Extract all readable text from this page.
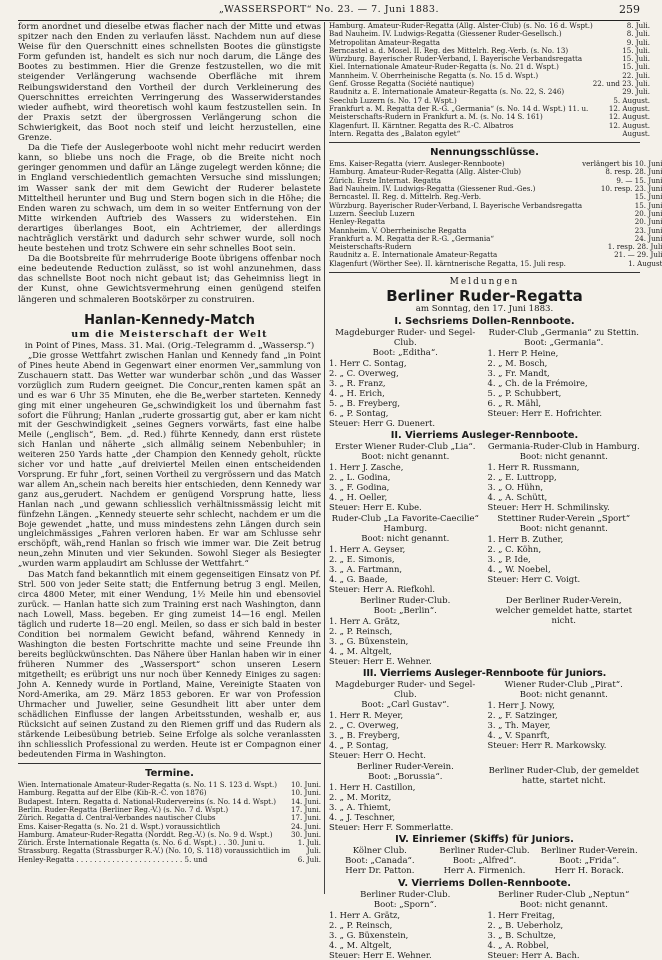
„WASSERSPORT“ No. 23. — 7. Juni 1883.	259

form anordnet und dieselbe etwas flacher nach der Mitte und etwas spitzer nach den Enden zu verlaufen lässt. Nachdem nun auf diese Weise für den Querschnitt eines schnellsten Bootes die günstigste Form gefunden ist, handelt es sich nur noch darum, die Länge des Bootes zu bestimmen. Hier die Grenze festzustellen, wo die mit steigender Verlängerung wachsende Oberfläche mit ihrem Reibungswiderstand den Vortheil der durch Verkleinerung des Querschnittes erreichten Verringerung des Wasserwiderstandes wieder aufhebt, wird theoretisch wohl kaum festzustellen sein. In der Praxis setzt der übergrossen Verlängerung schon die Schwierigkeit, das Boot noch steif und leicht herzustellen, eine Grenze.

Da die Tiefe der Auslegerboote wohl nicht mehr reducirt werden kann, so bliebe uns noch die Frage, ob die Breite nicht noch geringer genommen und dafür an Länge zugelegt werden könne; die in England verschiedentlich gemachten Versuche sind misslungen; im Wasser sank der mit dem Gewicht der Ruderer belastete Mitteltheil herunter und Bug und Stern bogen sich in die Höhe; die Enden waren zu schwach, um dem in so weiter Entfernung von der Mitte wirkenden Auftrieb des Wassers zu widerstehen. Ein derartiges überlanges Boot, ein Achtriemer, der allerdings nachträglich verstärkt und dadurch sehr schwer wurde, soll noch heute bestehen und trotz Schwere ein sehr schnelles Boot sein.

Da die Bootsbreite für mehrruderige Boote übrigens offenbar noch eine bedeutende Reduction zulässt, so ist wohl anzunehmen, dass das schnellste Boot noch nicht gebaut ist; das Geheimniss liegt in der Kunst, ohne Gewichtsvermehrung einen genügend steifen längeren und schmaleren Bootskörper zu construiren.

Hanlan-Kennedy-Match
um die Meisterschaft der Welt
in Point of Pines, Mass. 31. Mai. (Orig.-Telegramm d. „Wassersp.“)

„Die grosse Wettfahrt zwischen Hanlan und Kennedy fand „in Point of Pines heute Abend in Gegenwart einer enormen Ver„sammlung von Zuschauern statt. Das Wetter war wunderbar schön „und das Wasser vorzüglich zum Rudern geeignet. Die Concur„renten kamen spät an und es war 6 Uhr 35 Minuten, ehe die Be„werber starteten. Kennedy ging mit einer ungeheuren Ge„schwindigkeit los und übernahm fast sofort die Führung; Hanlan „ruderte grossartig gut, aber er kam nicht mit der Geschwindigkeit „seines Gegners vorwärts, fast eine halbe Meile („englisch“, Bem. „d. Red.) führte Kennedy, dann erst rüstete sich Hanlan und näherte „sich allmälig seinem Nebenbuhler; in weiteren 250 Yards hatte „der Champion den Kennedy geholt, rückte sicher vor und hatte „auf dreiviertel Meilen einen entscheidenden Vorsprung. Er fuhr „fort, seinen Vortheil zu vergrössern und das Match war allem An„schein nach bereits hier entschieden, denn Kennedy war ganz aus„gerudert. Nachdem er genügend Vorsprung hatte, liess Hanlan nach „und gewann schliesslich verhältnissmässig leicht mit fünfzehn Längen. „Kennedy steuerte sehr schlecht, nachdem er um die Boje gewendet „hatte, und muss mindestens zehn Längen durch sein ungleichmässiges „Fahren verloren haben. Er war am Schlusse sehr erschöpft, wäh„rend Hanlan so frisch wie immer war. Die Zeit betrug neun„zehn Minuten und vier Sekunden. Sowohl Sieger als Besiegter „wurden warm applaudirt am Schlusse der Wettfahrt.“

Das Match fand bekanntlich mit einem gegenseitigen Einsatz von Pf. Strl. 500 von jeder Seite statt; die Entfernung betrug 3 engl. Meilen, circa 4800 Meter, mit einer Wendung, 1½ Meile hin und ebensoviel zurück. — Hanlan hatte sich zum Training erst nach Washington, dann nach Lowell, Mass. begeben. Er ging zumeist 14—16 engl. Meilen täglich und ruderte 18—20 engl. Meilen, so dass er sich bald in bester Condition bei normalem Gewicht befand, während Kennedy in Washington die besten Fortschritte machte und seine Freunde ihn bereits beglückwünschten. Das Nähere über Hanlan haben wir in einer früheren Nummer des „Wassersport“ schon unseren Lesern mitgetheilt; es erübrigt uns nur noch über Kennedy Einiges zu sagen: John A. Kennedy wurde in Portland, Maine, Vereinigte Staaten von Nord-Amerika, am 29. März 1853 geboren. Er war von Profession Uhrmacher und Juwelier, seine Gesundheit litt aber unter dem schädlichen Einflusse der langen Arbeitsstunden, weshalb er, aus Rücksicht auf seinen Zustand zu den Riemen griff und das Rudern als stärkende Leibesübung betrieb. Seine Erfolge als solche veranlassten ihn schliesslich Professional zu werden. Heute ist er Compagnon einer bedeutenden Firma in Washington.

Termine.
Wien. Internationale Amateur-Ruder-Regatta (s. No. 11 S. 123 d. Wspt.)	10. Juni.
Hamburg. Regatta auf der Elbe (Kib-R.-C. von 1876)	10. Juni.
Budapest. Intern. Regatta d. National-Rudervereins (s. No. 14 d. Wspt.)	14. Juni.
Berlin. Ruder-Regatta (Berliner Reg.-V.) (s. No. 7 d. Wspt.)	17. Juni.
Zürich. Regatta d. Central-Verbandes nautischer Clubs	17. Juni.
Ems. Kaiser-Regatta (s. No. 21 d. Wspt.) voraussichtlich	24. Juni.
Hamburg. Amateur-Ruder-Regatta (Norddt. Reg.-V.) (s. No. 9 d. Wspt.)	30. Juni.
Zürich. Erste Internationale Regatta (s. No. 6 d. Wspt.) . . 30. Juni u.	1. Juli.
Strassburg. Regatta (Strassburger R.-V.) (No. 10, S. 118) voraussichtlich im	Juli.
Henley-Regatta . . . . . . . . . . . . . . . . . . . . . . . . 5. und	6. Juli.
Hamburg. Amateur-Ruder-Regatta (Allg. Alster-Club) (s. No. 16 d. Wspt.)	8. Juli.
Bad Nauheim. IV. Ludwigs-Regatta (Giessener Ruder-Gesellsch.)	8. Juli.
Metropolitan Amateur-Regatta	9. Juli.
Berncastel a. d. Mosel. II. Reg. des Mittelrh. Reg.-Verb. (s. No. 13)	15. Juli.
Würzburg. Bayerischer Ruder-Verband, I. Bayerische Verbandsregatta	15. Juli.
Kiel. Internationale Amateur-Ruder-Regatta (s. No. 21 d. Wspt.)	15. Juli.
Mannheim. V. Oberrheinische Regatta (s. No. 15 d. Wspt.)	22. Juli.
Genf. Grosse Regatta (Société nautique)	22. und 23. Juli.
Raudnitz a. E. Internationale Amateur-Regatta (s. No. 22, S. 246)	29. Juli.
Seeclub Luzern (s. No. 17 d. Wspt.)	5. August.
Frankfurt a. M. Regatta der R.-G. „Germania“ (s. No. 14 d. Wspt.) 11. u.	12. August.
Meisterschafts-Rudern in Frankfurt a. M. (s. No. 14 S. 161)	12. August.
Klagenfurt. II. Kärntner. Regatta des R.-C. Albatros	12. August.
Intern. Regatta des „Balaton egylet“	August.
Nennungsschlüsse.
Ems. Kaiser-Regatta (vierr. Ausleger-Rennboote)	verlängert bis 10. Juni
Hamburg. Amateur-Ruder-Regatta (Allg. Alster-Club)	8. resp. 28. Juni
Zürich. Erste Internat. Regatta	9. — 15. Juni
Bad Nauheim. IV. Ludwigs-Regatta (Giessener Rud.-Ges.)	10. resp. 23. Juni
Berncastel. II. Reg. d. Mittelrh. Reg.-Verb.	15. Juni
Würzburg. Bayerischer Ruder-Verband, I. Bayerische Verbandsregatta	15. Juni
Luzern. Seeclub Luzern	20. Juni
Henley-Regatta	20. Juni
Mannheim. V. Oberrheinische Regatta	23. Juni
Frankfurt a. M. Regatta der R.-G. „Germania“	24. Juni
Meisterschafts-Rudern	1. resp. 28. Juli
Raudnitz a. E. Internationale Amateur-Regatta	21. — 29. Juli
Klagenfurt (Wörther See). II. kärntnerische Regatta, 15. Juli resp.	1. August
Meldungen
Berliner Ruder-Regatta
am Sonntag, den 17. Juni 1883.
I. Sechsriems Dollen-Rennboote.
Magdeburger Ruder- und Segel-Club.
Boot: „Editha“.
1. Herr C. Sontag,
2. „ C. Overweg,
3. „ R. Franz,
4. „ H. Erich,
5. „ B. Freyberg,
6. „ P. Sontag,
Steuer: Herr G. Duenert.
Ruder-Club „Germania“ zu Stettin.
Boot: „Germania“.
1. Herr P. Heine,
2. „ M. Bosch,
3. „ Fr. Mandt,
4. „ Ch. de la Frémoire,
5. „ P. Schubbert,
6. „ R. Mähl,
Steuer: Herr E. Hofrichter.
II. Vierriems Ausleger-Rennboote.
Erster Wiener Ruder-Club „Lia“.
Boot: nicht genannt.
1. Herr J. Zasche,
2. „ L. Godina,
3. „ F. Godina,
4. „ H. Oeller,
Steuer: Herr E. Kube.
Ruder-Club „La Favorite-Caecilie“ Hamburg.
Boot: nicht genannt.
1. Herr A. Geyser,
2. „ E. Simonis,
3. „ A. Fartmann,
4. „ G. Baade,
Steuer: Herr A. Riefkohl.
Berliner Ruder-Club.
Boot: „Berlin“.
1. Herr A. Grätz,
2. „ P. Reinsch,
3. „ G. Büxenstein,
4. „ M. Altgelt,
Steuer: Herr E. Wehner.
Germania-Ruder-Club in Hamburg.
Boot: nicht genannt.
1. Herr R. Russmann,
2. „ E. Luttropp,
3. „ O. Hühn,
4. „ A. Schütt,
Steuer: Herr H. Schmilinsky.
Stettiner Ruder-Verein „Sport“
Boot: nicht genannt.
1. Herr B. Zuther,
2. „ C. Köhn,
3. „ P. Ide,
4. „ W. Noebel,
Steuer: Herr C. Voigt.
Der Berliner Ruder-Verein, welcher gemeldet hatte, startet nicht.
III. Vierriems Ausleger-Rennboote für Juniors.
Magdeburger Ruder- und Segel-Club.
Boot: „Carl Gustav“.
1. Herr R. Meyer,
2. „ C. Overweg,
3. „ B. Freyberg,
4. „ P. Sontag,
Steuer: Herr O. Hecht.
Berliner Ruder-Verein.
Boot: „Borussia“.
1. Herr H. Castillon,
2. „ M. Moritz,
3. „ A. Thiemt,
4. „ J. Teschner,
Steuer: Herr F. Sommerlatte.
Wiener Ruder-Club „Pirat“.
Boot: nicht genannt.
1. Herr J. Nowy,
2. „ F. Satzinger,
3. „ Th. Mayer,
4. „ V. Spanrft,
Steuer: Herr R. Markowsky.
Berliner Ruder-Club, der gemeldet hatte, startet nicht.
IV. Einriemer (Skiffs) für Juniors.
Kölner Club.
Boot: „Canada“.
Herr Dr. Patton.
Berliner Ruder-Club.
Boot: „Alfred“.
Herr A. Firmenich.
Berliner Ruder-Verein.
Boot: „Frida“.
Herr H. Borack.
V. Vierriems Dollen-Rennboote.
Berliner Ruder-Club.
Boot: „Sporn“.
1. Herr A. Grätz,
2. „ P. Reinsch,
3. „ G. Büxenstein,
4. „ M. Altgelt,
Steuer: Herr E. Wehner.
Berliner Ruder-Club „Neptun“
Boot: nicht genannt.
1. Herr Freitag,
2. „ B. Ueberholz,
3. „ B. Schultze,
4. „ A. Robbel,
Steuer: Herr A. Bach.
